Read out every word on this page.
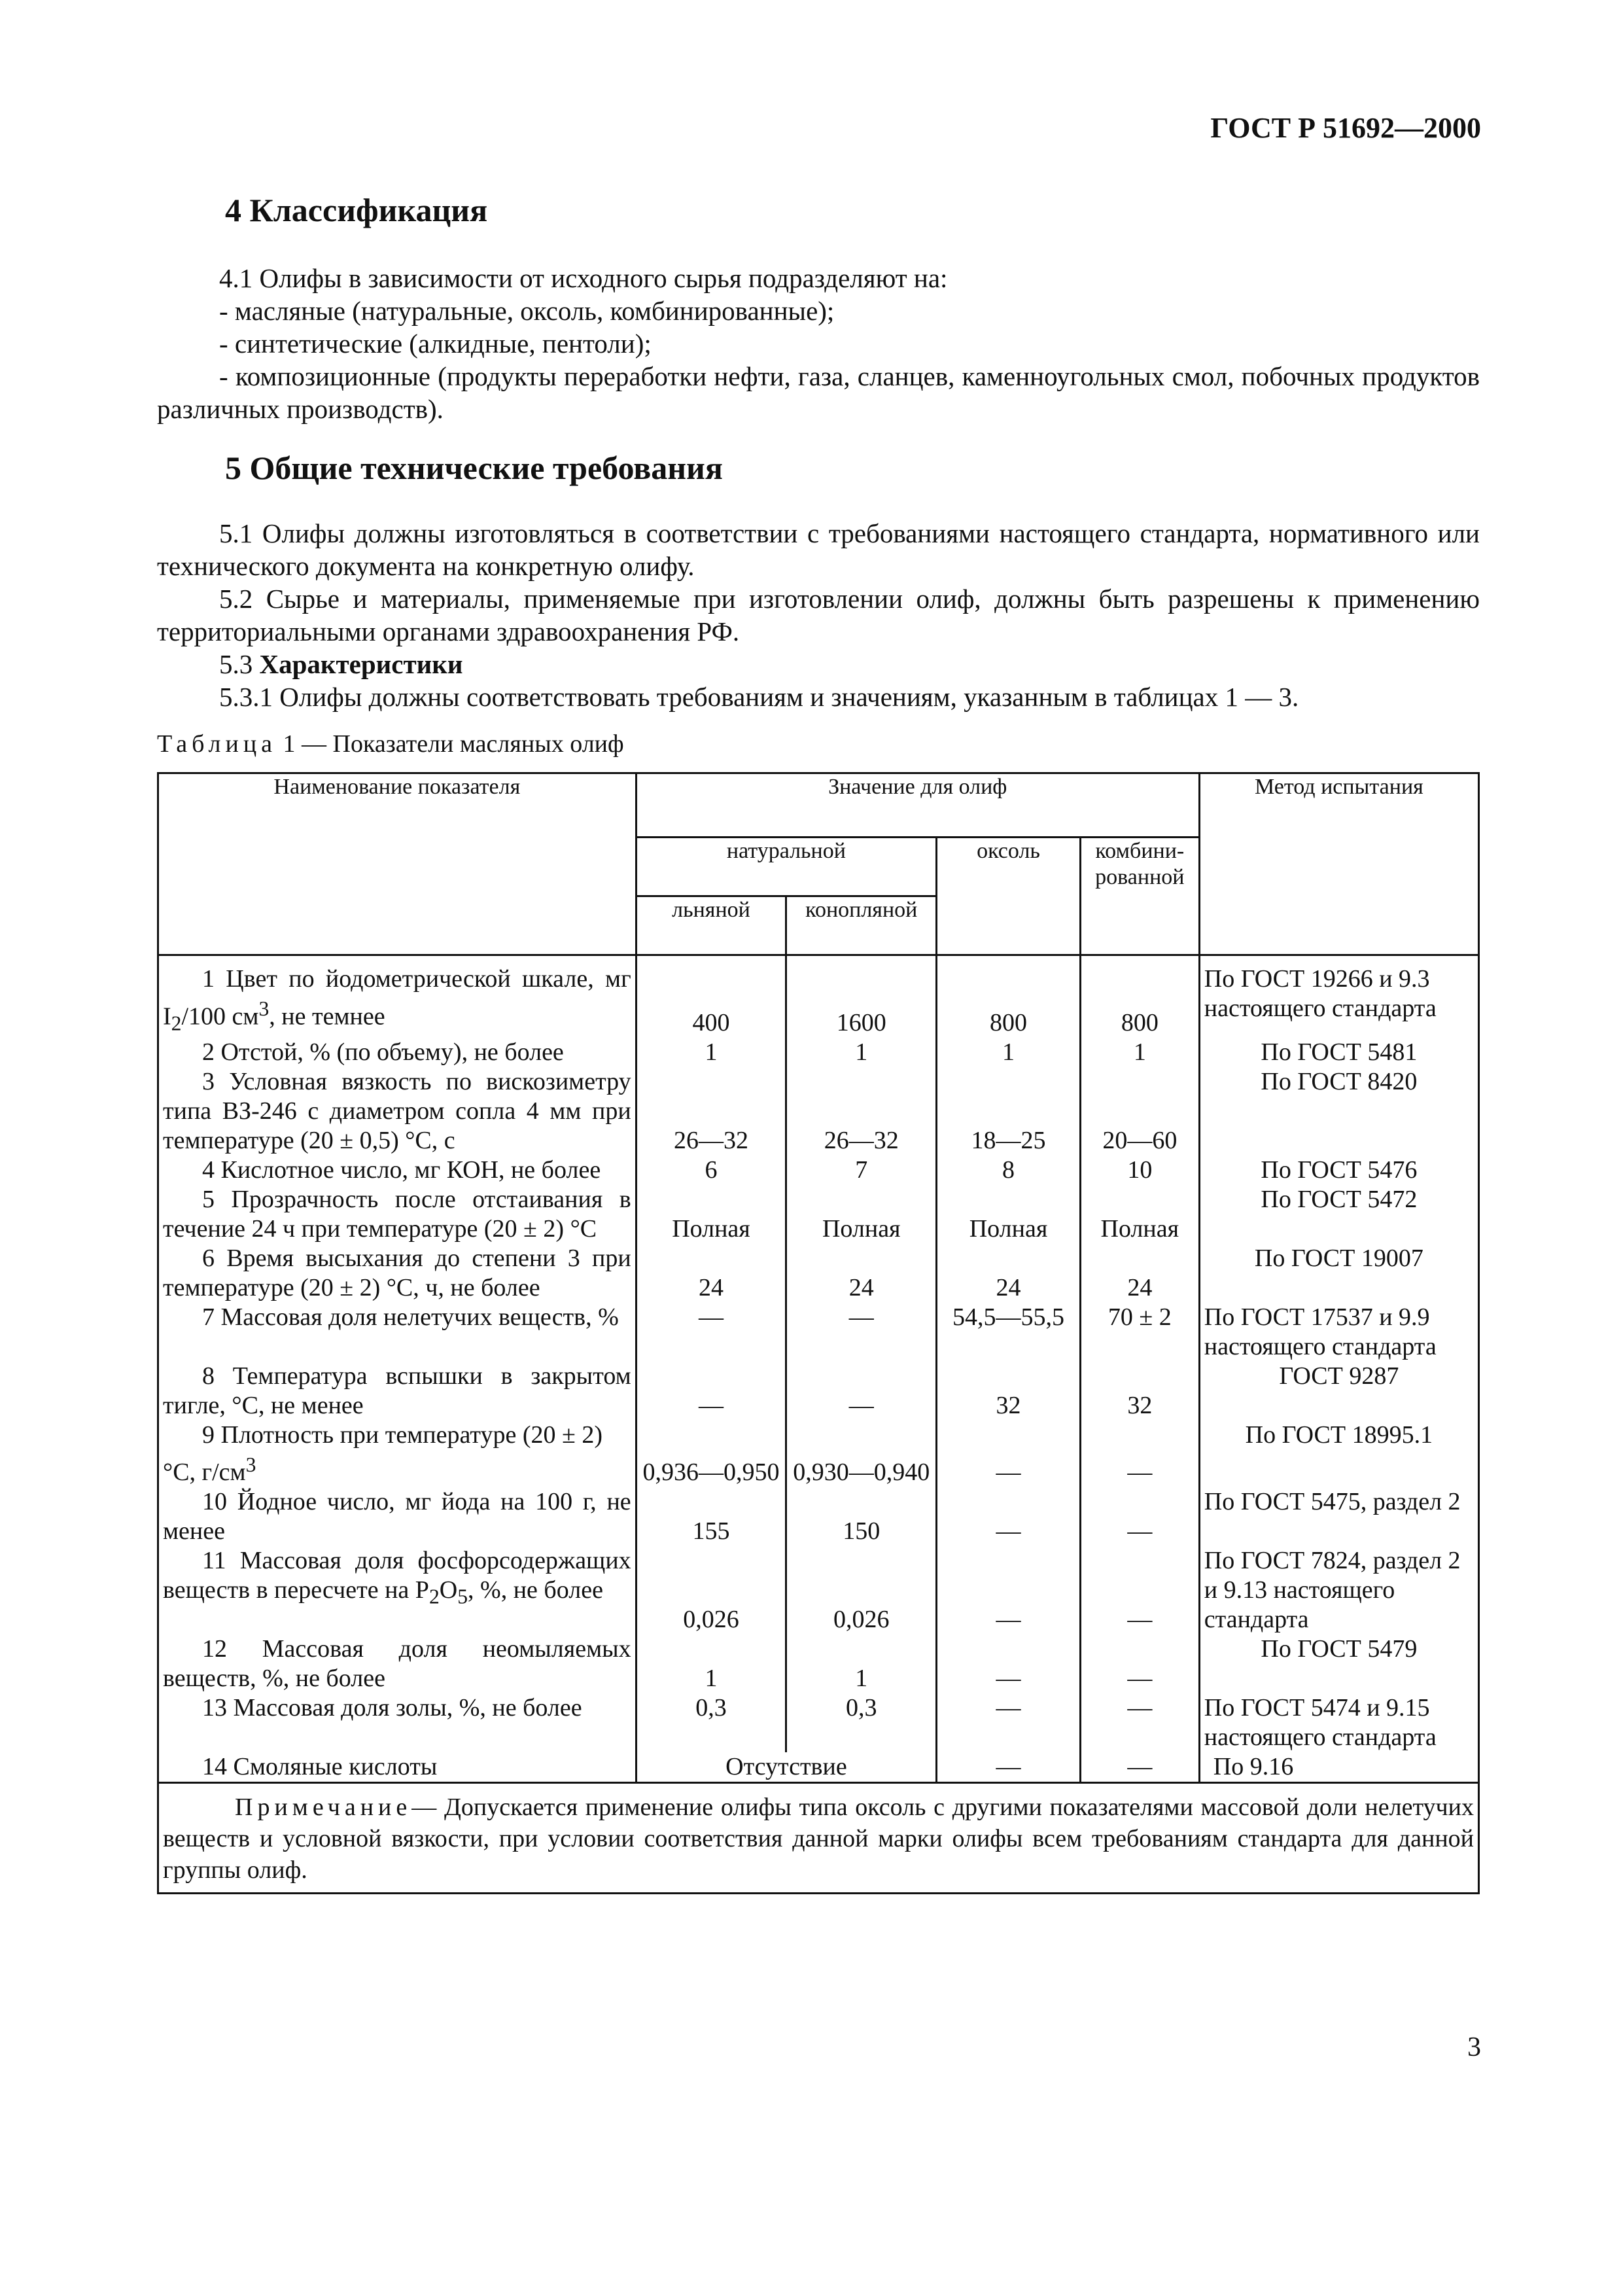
ГОСТ Р 51692—2000
4 Классификация
4.1 Олифы в зависимости от исходного сырья подразделяют на:
- масляные (натуральные, оксоль, комбинированные);
- синтетические (алкидные, пентоли);
- композиционные (продукты переработки нефти, газа, сланцев, каменноугольных смол, побочных продуктов различных производств).
5 Общие технические требования
5.1 Олифы должны изготовляться в соответствии с требованиями настоящего стандарта, нормативного или технического документа на конкретную олифу.
5.2 Сырье и материалы, применяемые при изготовлении олиф, должны быть разрешены к применению территориальными органами здравоохранения РФ.
5.3 Характеристики
5.3.1 Олифы должны соответствовать требованиям и значениям, указанным в таблицах 1 — 3.
Таблица 1 — Показатели масляных олиф
Наименование показателя	Значение для олиф				Метод испытания
	натуральной		оксоль	комбини-рованной	
	льняной	конопляной			

1 Цвет по йодометрической шкале, мг $I_2/100$ $см^3$, не темнее	400	1600	800	800	По ГОСТ 19266 и 9.3 настоящего стандарта
2 Отстой, % (по объему), не более	1	1	1	1	По ГОСТ 5481
3 Условная вязкость по вискозиметру типа ВЗ-246 с диаметром сопла 4 мм при температуре (20 ± 0,5) °С, с	26—32	26—32	18—25	20—60	По ГОСТ 8420
4 Кислотное число, мг КОН, не более	6	7	8	10	По ГОСТ 5476
5 Прозрачность после отстаивания в течение 24 ч при температуре (20 ± 2) °С	Полная	Полная	Полная	Полная	По ГОСТ 5472
6 Время высыхания до степени 3 при температуре (20 ± 2) °С, ч, не более	24	24	24	24	По ГОСТ 19007
7 Массовая доля нелетучих веществ, %	—	—	54,5—55,5	70 ± 2	По ГОСТ 17537 и 9.9 настоящего стандарта
8 Температура вспышки в закрытом тигле, °С, не менее	—	—	32	32	ГОСТ 9287
9 Плотность при температуре (20 ± 2) °С, $г/см^3$	0,936—0,950	0,930—0,940	—	—	По ГОСТ 18995.1
10 Йодное число, мг йода на 100 г, не менее	155	150	—	—	По ГОСТ 5475, раздел 2
11 Массовая доля фосфорсодержащих веществ в пересчете на $P_2O_5$, %, не более	0,026	0,026	—	—	По ГОСТ 7824, раздел 2 и 9.13 настоящего стандарта
12 Массовая доля неомыляемых веществ, %, не более	1	1	—	—	По ГОСТ 5479
13 Массовая доля золы, %, не более	0,3	0,3	—	—	По ГОСТ 5474 и 9.15 настоящего стандарта
14 Смоляные кислоты	Отсутствие		—	—	По 9.16
Примечание— Допускается применение олифы типа оксоль с другими показателями массовой доли нелетучих веществ и условной вязкости, при условии соответствия данной марки олифы всем требованиям стандарта для данной группы олиф.					
3
